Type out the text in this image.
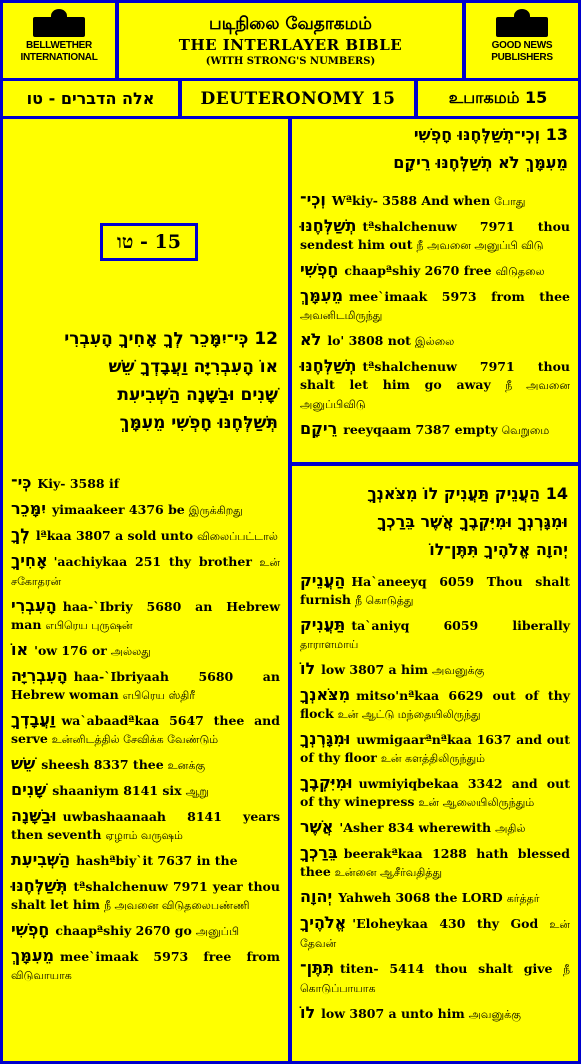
BELLWETHER
INTERNATIONAL
படிநிலை வேதாகமம்
THE INTERLAYER BIBLE
(WITH STRONG'S NUMBERS)
GOOD NEWS
PUBLISHERS
אלה הדברים - טו	DEUTERONOMY 15	உபாகமம் 15
15 - טו
12 כִּֽי־יִמָּכֵר לְךָ אָחִיךָ הָעִבְרִי
אוֹ הָעִבְרִיָּה וַעֲבָדְךָ שֵׁשׁ
שָׁנִים וּבַשָּׁנָה הַשְּׁבִיעִת
תְּשַׁלְּחֶנּוּ חָפְשִׁי מֵעִמָּךְ
כִּֽי־ Kiy- 3588 if
יִמָּכֵר yimaakeer 4376 be இருக்கிறது
לְךָ lªkaa 3807 a sold unto விலைப்பட்டால்
אָחִיךָ 'aachiykaa 251 thy brother உன் சகோதரன்
הָעִבְרִי haa-`Ibriy 5680 an Hebrew man எபிரெய புருஷன்
אוֹ 'ow 176 or அல்லது
הָעִבְרִיָּה haa-`Ibriyaah 5680 an Hebrew woman எபிரெய ஸ்திரீ
וַעֲבָדְךָ wa`abaadªkaa 5647 thee and serve உன்னிடத்தில் சேவிக்க வேண்டும்
שֵׁשׁ sheesh 8337 thee உனக்கு
שָׁנִים shaaniym 8141 six ஆறு
וּבַשָּׁנָה uwbashaanaah 8141 years then seventh ஏழாம் வருஷம்
הַשְּׁבִיעִת hashªbiy`it 7637 in the
תְּשַׁלְּחֶנּוּ tªshalchenuw 7971 year thou shalt let him நீ அவனை விடுதலைபண்ணி
חָפְשִׁי chaapªshiy 2670 go அனுப்பி
מֵעִמָּךְ mee`imaak 5973 free from விடுவாயாக
13 וְכִֽי־תְשַׁלְּחֶנּוּ חָפְשִׁי
מֵעִמָּךְ לֹא תְשַׁלְּחֶנּוּ רֵיקָם
וְכִֽי־ Wªkiy- 3588 And when போது
תְשַׁלְּחֶנּוּ tªshalchenuw 7971 thou sendest him out நீ அவனை அனுப்பி விடு
חָפְשִׁי chaapªshiy 2670 free விடுதலை
מֵעִמָּךְ mee`imaak 5973 from thee அவனிடமிருந்து
לֹא lo' 3808 not இல்லை
תְשַׁלְּחֶנּוּ tªshalchenuw 7971 thou shalt let him go away நீ அவனை அனுப்பிவிடு
רֵיקָם reeyqaam 7387 empty வெறுமை
14 הַעֲנֵיק תַּעֲנִיק לוֹ מִצֹּאנְךָ
וּמִגָּרְנְךָ וּמִיִּקְבֶךָ אֲשֶׁר בֵּרַכְךָ
יְהוָה אֱלֹהֶיךָ תִּתֶּן־לוֹ
הַעֲנֵיק Ha`aneeyq 6059 Thou shalt furnish நீ கொடுத்து
תַּעֲנִיק ta`aniyq 6059 liberally தாராளமாய்
לוֹ low 3807 a him அவனுக்கு
מִצֹּאנְךָ mitso'nªkaa 6629 out of thy flock உன் ஆட்டு மந்தையிலிருந்து
וּמִגָּרְנְךָ uwmigaarªnªkaa 1637 and out of thy floor உன் களத்திலிருந்தும்
וּמִיִּקְבֶךָ uwmiyiqbekaa 3342 and out of thy winepress உன் ஆலையிலிருந்தும்
אֲשֶׁר 'Asher 834 wherewith அதில்
בֵּרַכְךָ beerakªkaa 1288 hath blessed thee உன்னை ஆசீர்வதித்து
יְהוָה Yahweh 3068 the LORD கர்த்தர்
אֱלֹהֶיךָ 'Eloheykaa 430 thy God உன் தேவன்
תִּתֶּן־ titen- 5414 thou shalt give நீ கொடுப்பாயாக
לוֹ low 3807 a unto him அவனுக்கு
